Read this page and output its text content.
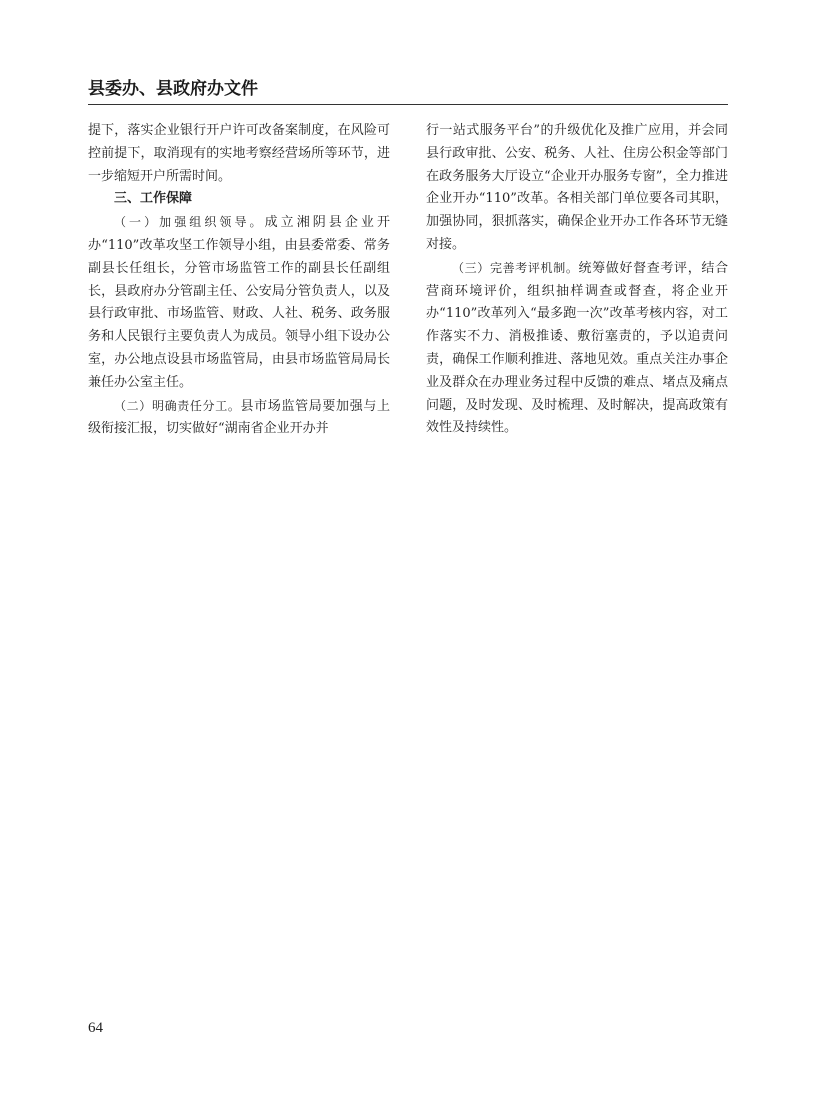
县委办、县政府办文件

提下，落实企业银行开户许可改备案制度，在风险可控前提下，取消现有的实地考察经营场所等环节，进一步缩短开户所需时间。

三、工作保障

（一）加强组织领导。成立湘阴县企业开办“110”改革攻坚工作领导小组，由县委常委、常务副县长任组长，分管市场监管工作的副县长任副组长，县政府办分管副主任、公安局分管负责人，以及县行政审批、市场监管、财政、人社、税务、政务服务和人民银行主要负责人为成员。领导小组下设办公室，办公地点设县市场监管局，由县市场监管局局长兼任办公室主任。

（二）明确责任分工。县市场监管局要加强与上级衔接汇报，切实做好“湖南省企业开办并

行一站式服务平台”的升级优化及推广应用，并会同县行政审批、公安、税务、人社、住房公积金等部门在政务服务大厅设立“企业开办服务专窗”，全力推进企业开办“110”改革。各相关部门单位要各司其职，加强协同，狠抓落实，确保企业开办工作各环节无缝对接。

（三）完善考评机制。统筹做好督查考评，结合营商环境评价，组织抽样调查或督查，将企业开办“110”改革列入“最多跑一次”改革考核内容，对工作落实不力、消极推诿、敷衍塞责的，予以追责问责，确保工作顺利推进、落地见效。重点关注办事企业及群众在办理业务过程中反馈的难点、堵点及痛点问题，及时发现、及时梳理、及时解决，提高政策有效性及持续性。

64
